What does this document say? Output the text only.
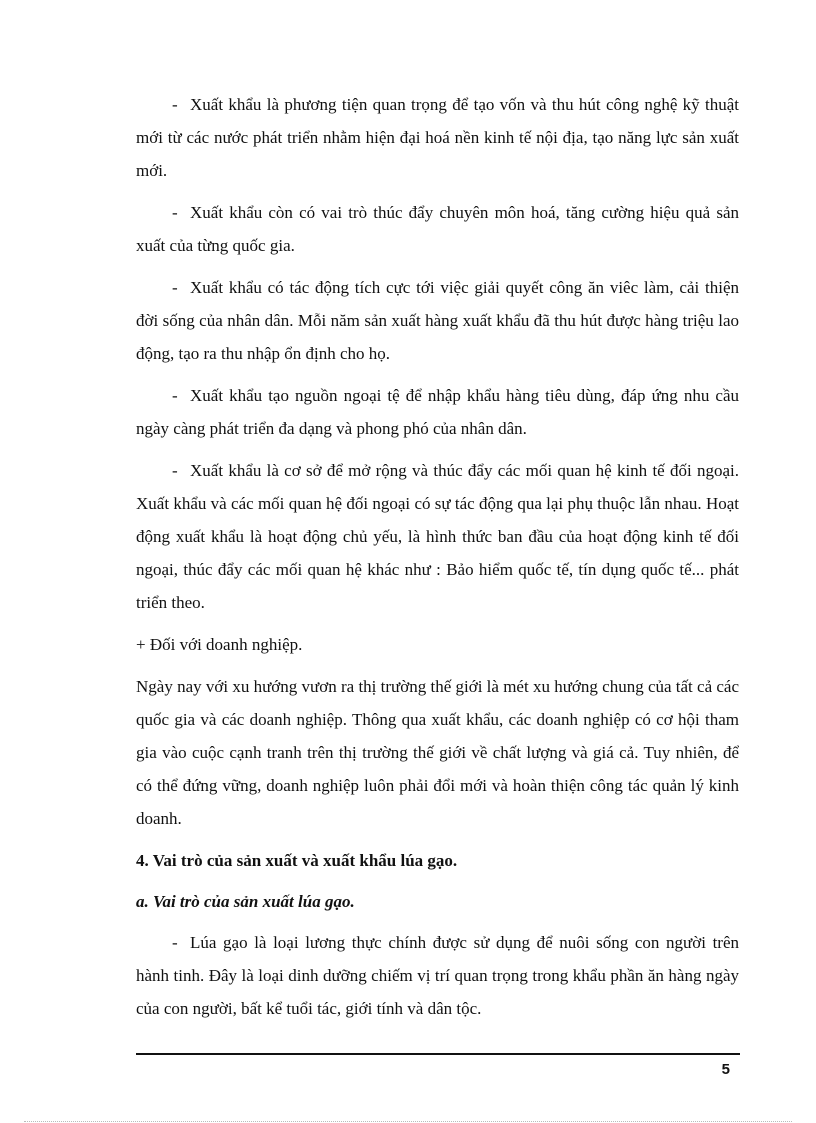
- Xuất khẩu là phương tiện quan trọng để tạo vốn và thu hút công nghệ kỹ thuật mới từ các nước phát triển nhằm hiện đại hoá nền kinh tế nội địa, tạo năng lực sản xuất mới.

- Xuất khẩu còn có vai trò thúc đẩy chuyên môn hoá, tăng cường hiệu quả sản xuất của từng quốc gia.

- Xuất khẩu có tác động tích cực tới việc giải quyết công ăn viêc làm, cải thiện đời sống của nhân dân. Mỗi năm sản xuất hàng xuất khẩu đã thu hút được hàng triệu lao động, tạo ra thu nhập ổn định cho họ.

- Xuất khẩu tạo nguồn ngoại tệ để nhập khẩu hàng tiêu dùng, đáp ứng nhu cầu ngày càng phát triển đa dạng và phong phó của nhân dân.

- Xuất khẩu là cơ sở để mở rộng và thúc đẩy các mối quan hệ kinh tế đối ngoại. Xuất khẩu và các mối quan hệ đối ngoại có sự tác động qua lại phụ thuộc lẫn nhau. Hoạt động xuất khẩu là hoạt động chủ yếu, là hình thức ban đầu của hoạt động kinh tế đối ngoại, thúc đẩy các mối quan hệ khác như : Bảo hiểm quốc tế, tín dụng quốc tế... phát triển theo.

+ Đối với doanh nghiệp.

Ngày nay với xu hướng vươn ra thị trường thế giới là mét xu hướng chung của tất cả các quốc gia và các doanh nghiệp. Thông qua xuất khẩu, các doanh nghiệp có cơ hội tham gia vào cuộc cạnh tranh trên thị trường thế giới về chất lượng và giá cả. Tuy nhiên, để có thể đứng vững, doanh nghiệp luôn phải đổi mới và hoàn thiện công tác quản lý kinh doanh.

4. Vai trò của sản xuất và xuất khẩu lúa gạo.
a. Vai trò của sản xuất lúa gạo.

- Lúa gạo là loại lương thực chính được sử dụng để nuôi sống con người trên hành tinh. Đây là loại dinh dưỡng chiếm vị trí quan trọng trong khẩu phần ăn hàng ngày của con người, bất kể tuổi tác, giới tính và dân tộc.

5
